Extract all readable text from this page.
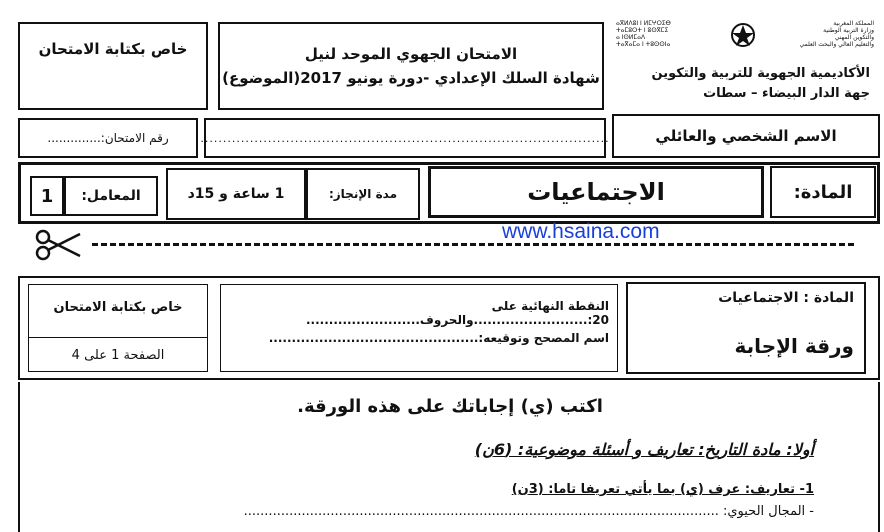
خاص بكتابة الامتحان	الامتحان الجهوي الموحد لنيل
شهادة السلك الإعدادي -دورة يونيو 2017(الموضوع)
المملكة المغربية
وزارة التربية الوطنية
والتكوين المهني
والتعليم العالي والبحث العلمي
ⴰⴳⵍⴷⵓⵏ ⵏ ⵍⵎⵖⵔⵉⴱ
ⵜⴰⵎⵓⵔⵜ ⵏ ⵓⵙⴳⵎⵉ
ⴰ ⵏⵙⵍⵎⴰⴷ
ⵜⴰⴳⴰⵎⴰ ⵏ ⵜⵓⵙⵙⵏⴰ
الأكاديمية الجهوية للتربية والتكوين
جهة الدار البيضاء – سطات
رقم الامتحان:..............	...........................................................................................	الاسم الشخصي والعائلي
1 المعامل:	1 ساعة و 15د	مدة الإنجاز:	الاجتماعيات	المادة:
www.hsaina.com
خاص بكتابة الامتحان
الصفحة 1 على 4
النقطة النهائية على 20:.........................والحروف.........................
اسم المصحح وتوقيعه:..............................................
المادة : الاجتماعيات
ورقة الإجابة
اكتب (ي) إجاباتك على هذه الورقة.
أولا: مادة التاريخ: تعاريف و أسئلة موضوعية: (6ن)
1- تعاريف: عرف (ي) بما يأتي تعريفا تاما: (3ن)
- المجال الحيوي: ...................................................................................................................
